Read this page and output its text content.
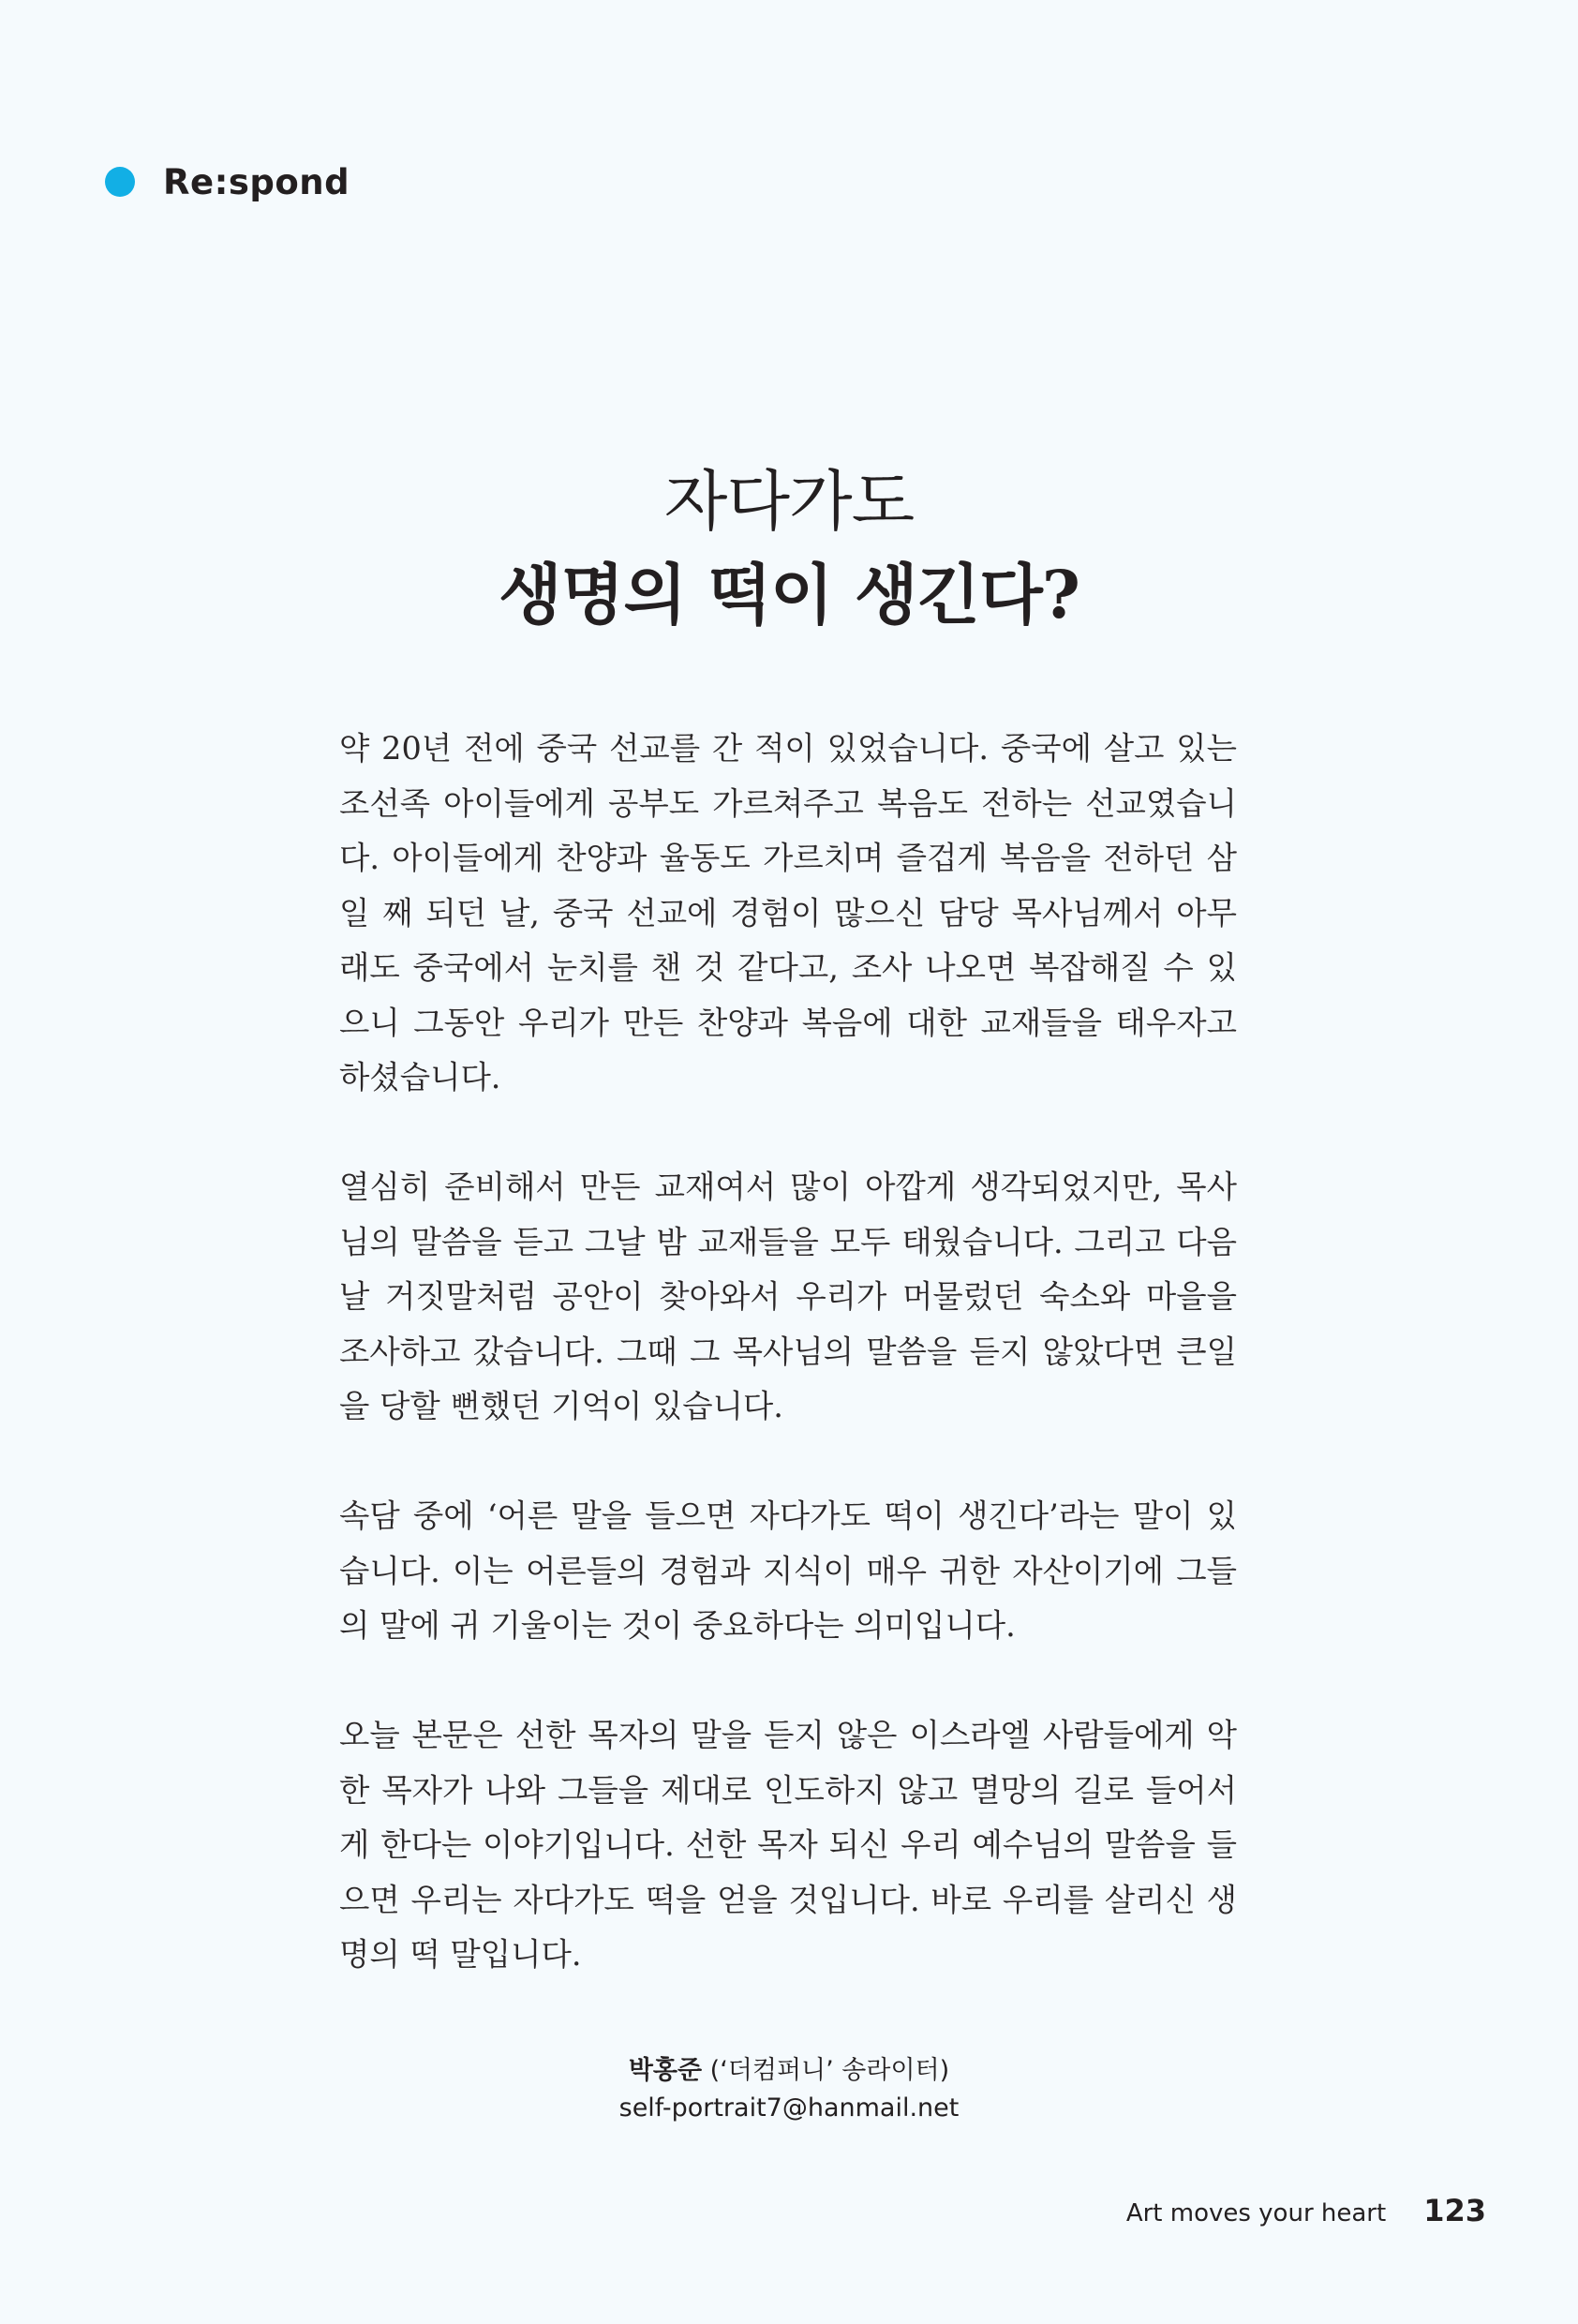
Re:spond
자다가도
생명의 떡이 생긴다?

약 20년 전에 중국 선교를 간 적이 있었습니다. 중국에 살고 있는 조선족 아이들에게 공부도 가르쳐주고 복음도 전하는 선교였습니다. 아이들에게 찬양과 율동도 가르치며 즐겁게 복음을 전하던 삼일 째 되던 날, 중국 선교에 경험이 많으신 담당 목사님께서 아무래도 중국에서 눈치를 챈 것 같다고, 조사 나오면 복잡해질 수 있으니 그동안 우리가 만든 찬양과 복음에 대한 교재들을 태우자고 하셨습니다.

열심히 준비해서 만든 교재여서 많이 아깝게 생각되었지만, 목사님의 말씀을 듣고 그날 밤 교재들을 모두 태웠습니다. 그리고 다음 날 거짓말처럼 공안이 찾아와서 우리가 머물렀던 숙소와 마을을 조사하고 갔습니다. 그때 그 목사님의 말씀을 듣지 않았다면 큰일을 당할 뻔했던 기억이 있습니다.

속담 중에 ‘어른 말을 들으면 자다가도 떡이 생긴다’라는 말이 있습니다. 이는 어른들의 경험과 지식이 매우 귀한 자산이기에 그들의 말에 귀 기울이는 것이 중요하다는 의미입니다.

오늘 본문은 선한 목자의 말을 듣지 않은 이스라엘 사람들에게 악한 목자가 나와 그들을 제대로 인도하지 않고 멸망의 길로 들어서게 한다는 이야기입니다. 선한 목자 되신 우리 예수님의 말씀을 들으면 우리는 자다가도 떡을 얻을 것입니다. 바로 우리를 살리신 생명의 떡 말입니다.

박홍준 (‘더컴퍼니’ 송라이터)
self-portrait7@hanmail.net
Art moves your heart 123
